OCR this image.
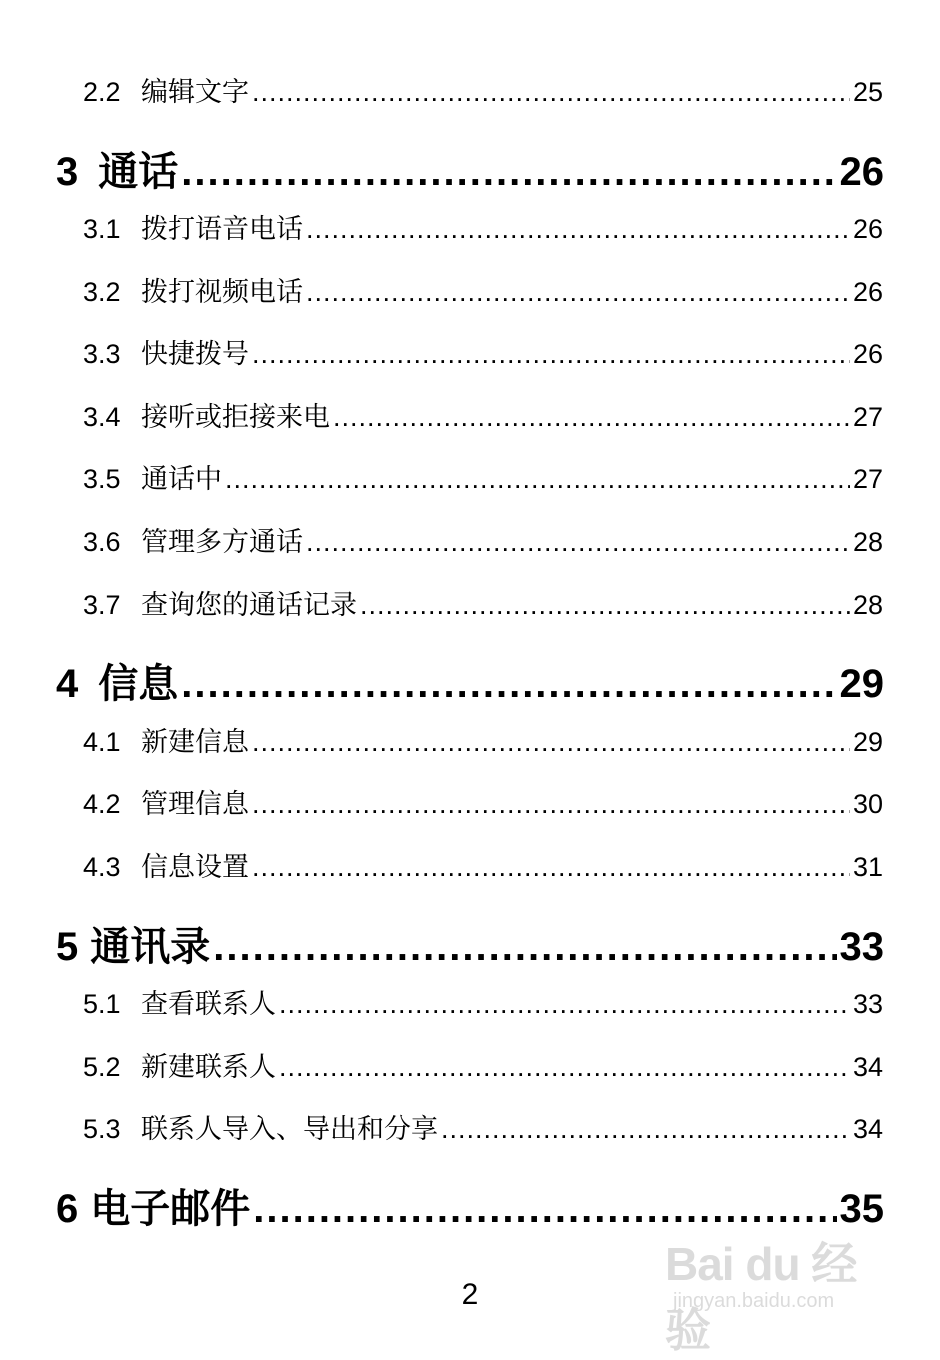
2.2 编辑文字 .....	25
3 通话 .....	26
3.1 拨打语音电话 .....	26
3.2 拨打视频电话 .....	26
3.3 快捷拨号 .....	26
3.4 接听或拒接来电 .....	27
3.5 通话中 .....	27
3.6 管理多方通话 .....	28
3.7 查询您的通话记录 .....	28
4 信息 .....	29
4.1 新建信息 .....	29
4.2 管理信息 .....	30
4.3 信息设置 .....	31
5 通讯录 .....	33
5.1 查看联系人 .....	33
5.2 新建联系人 .....	34
5.3 联系人导入、导出和分享 .....	34
6 电子邮件 .....	35
2
Bai du 经验
jingyan.baidu.com
